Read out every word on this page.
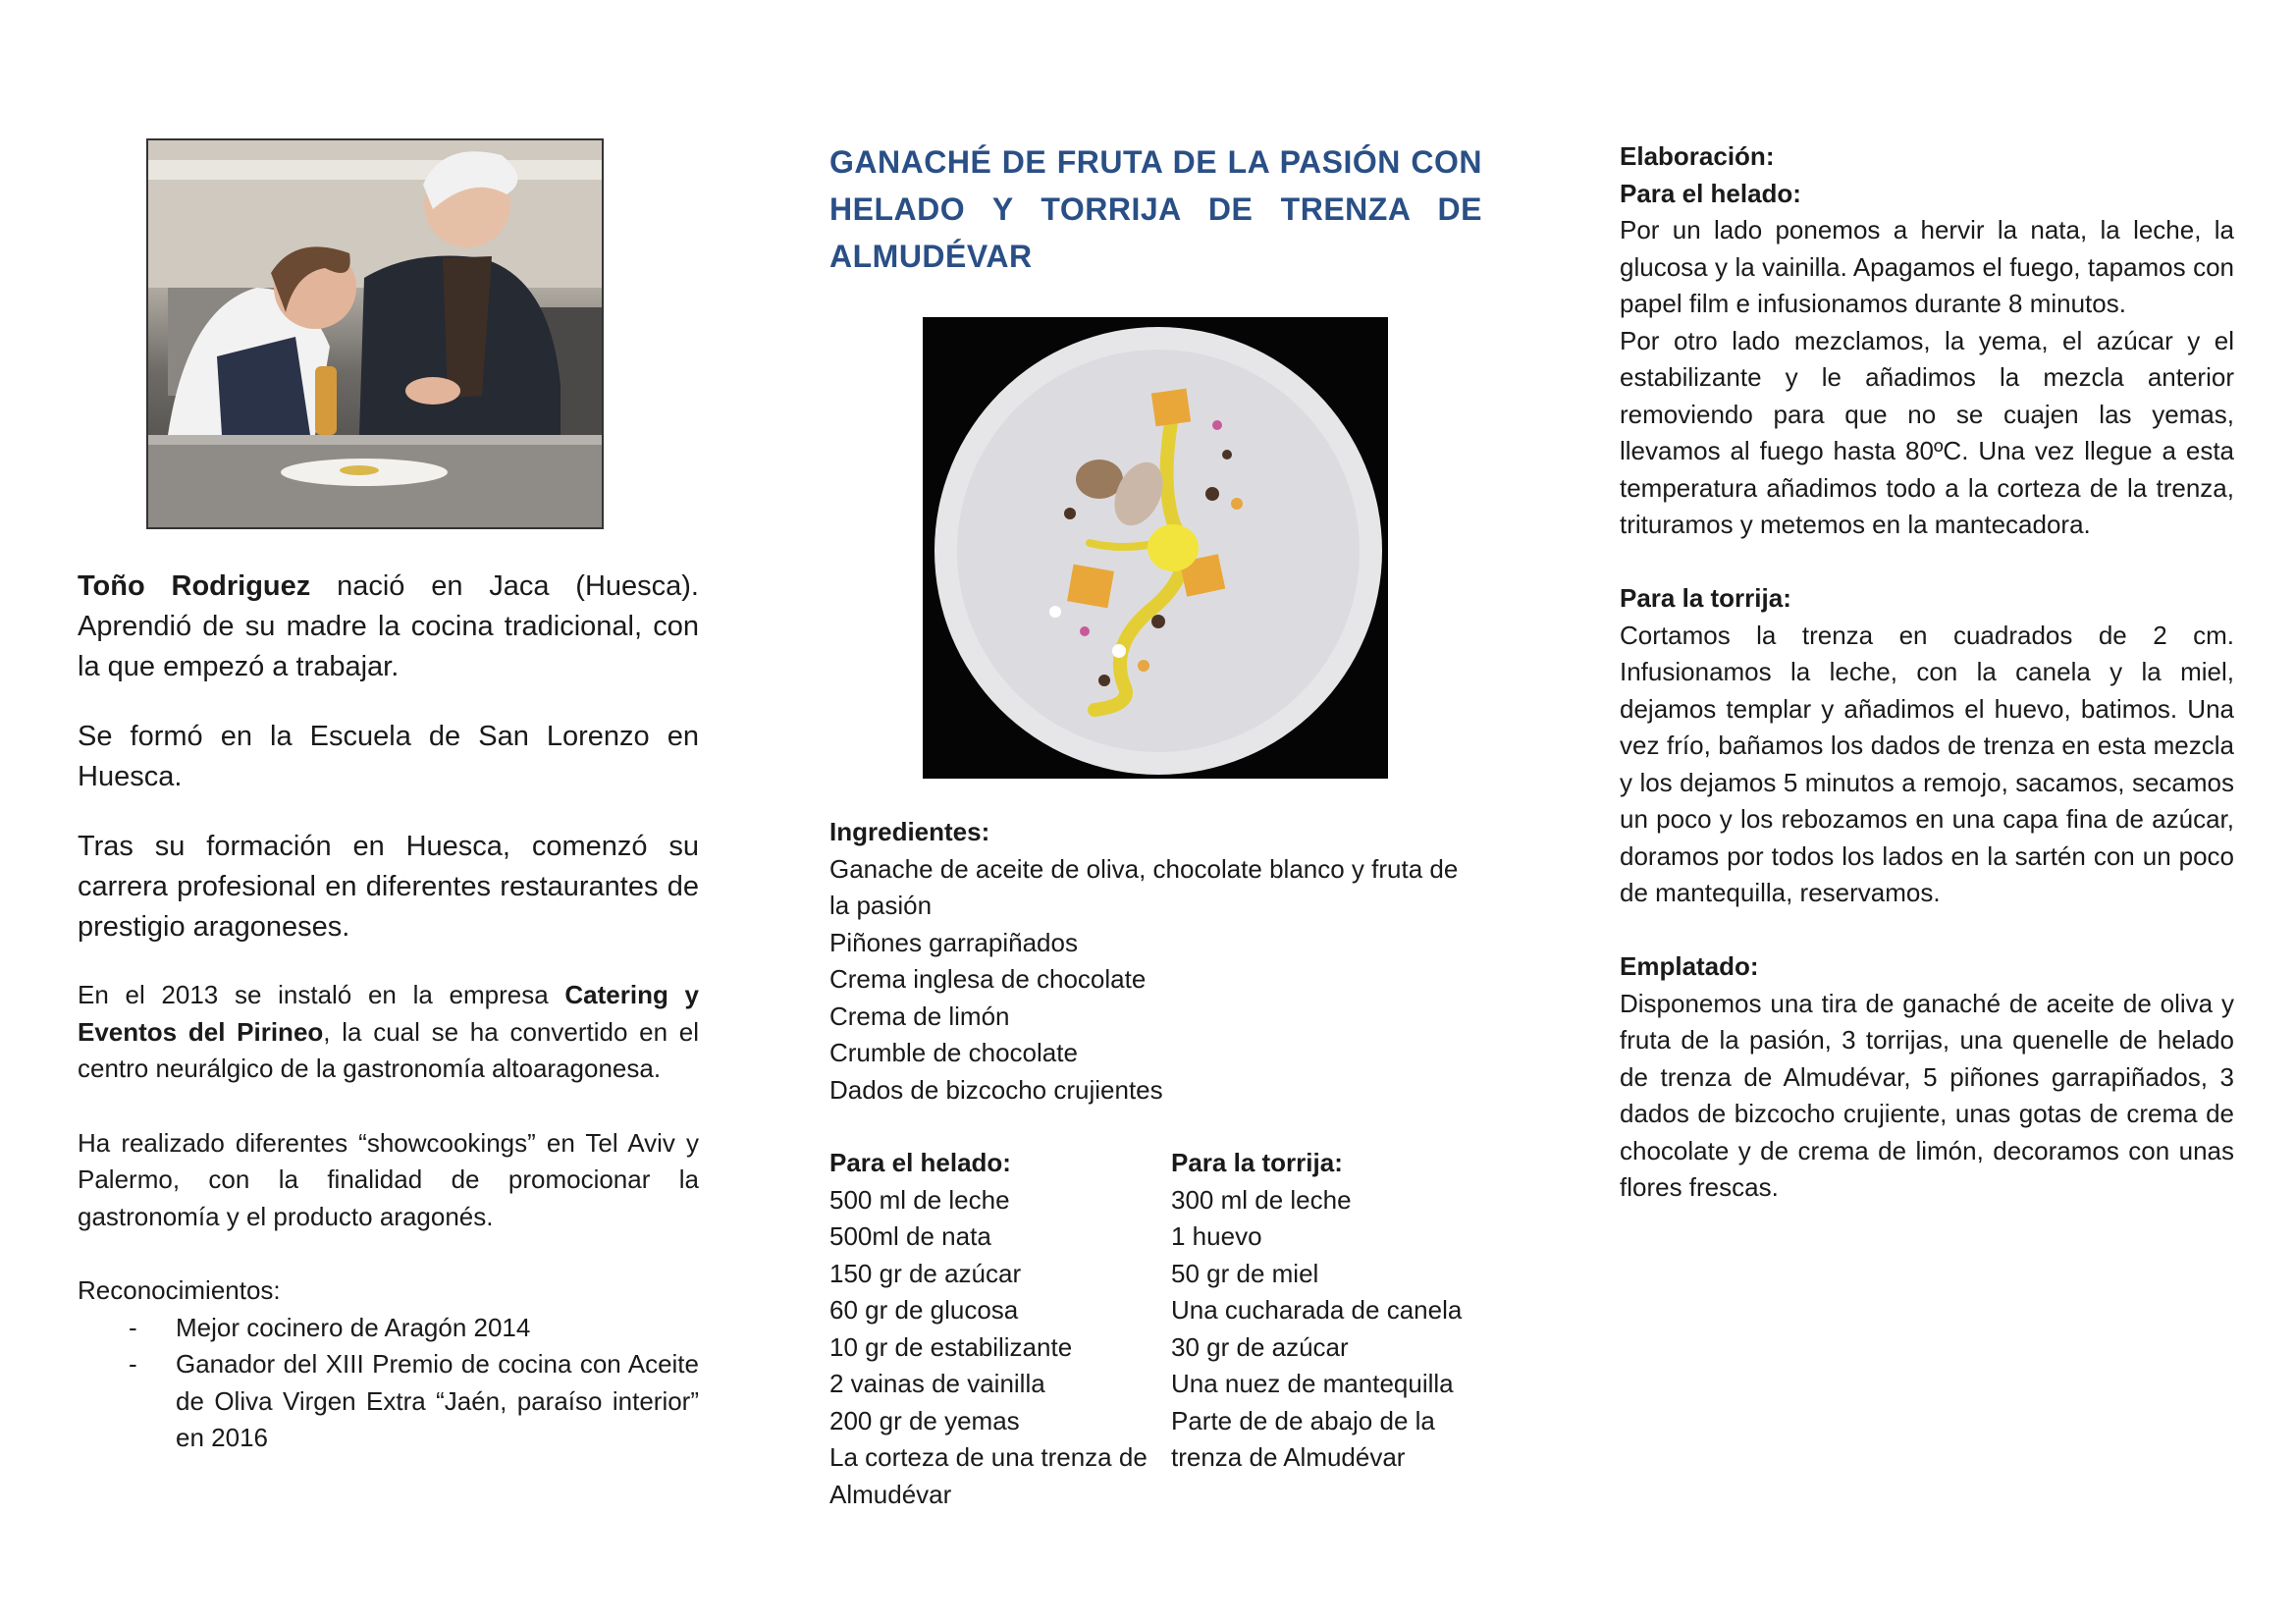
Toño Rodriguez nació en Jaca (Huesca). Aprendió de su madre la cocina tradicional, con la que empezó a trabajar.

Se formó en la Escuela de San Lorenzo en Huesca.

Tras su formación en Huesca, comenzó su carrera profesional en diferentes restaurantes de prestigio aragoneses.

En el 2013 se instaló en la empresa Catering y Eventos del Pirineo, la cual se ha convertido en el centro neurálgico de la gastronomía altoaragonesa.

Ha realizado diferentes “showcookings” en Tel Aviv y Palermo, con la finalidad de promocionar la gastronomía y el producto aragonés.

Reconocimientos:

- Mejor cocinero de Aragón 2014
- Ganador del XIII Premio de cocina con Aceite de Oliva Virgen Extra “Jaén, paraíso interior” en 2016
GANACHÉ DE FRUTA DE LA PASIÓN CON HELADO Y TORRIJA DE TRENZA DE ALMUDÉVAR
Ingredientes:
Ganache de aceite de oliva, chocolate blanco y fruta de la pasión
Piñones garrapiñados
Crema inglesa de chocolate
Crema de limón
Crumble de chocolate
Dados de bizcocho crujientes
Para el helado:
500 ml de leche
500ml de nata
150 gr de azúcar
60 gr de glucosa
10 gr de estabilizante
2 vainas de vainilla
200 gr de yemas
La corteza de una trenza de Almudévar
Para la torrija:
300 ml de leche
1 huevo
50 gr de miel
Una cucharada de canela
30 gr de azúcar
Una nuez de mantequilla
Parte de de abajo de la trenza de Almudévar

Elaboración:

Para el helado:

Por un lado ponemos a hervir la nata, la leche, la glucosa y la vainilla. Apagamos el fuego, tapamos con papel film e infusionamos durante 8 minutos.

Por otro lado mezclamos, la yema, el azúcar y el estabilizante y le añadimos la mezcla anterior removiendo para que no se cuajen las yemas, llevamos al fuego hasta 80ºC. Una vez llegue a esta temperatura añadimos todo a la corteza de la trenza, trituramos y metemos en la mantecadora.

Para la torrija:

Cortamos la trenza en cuadrados de 2 cm. Infusionamos la leche, con la canela y la miel, dejamos templar y añadimos el huevo, batimos. Una vez frío, bañamos los dados de trenza en esta mezcla y los dejamos 5 minutos a remojo, sacamos, secamos un poco y los rebozamos en una capa fina de azúcar, doramos por todos los lados en la sartén con un poco de mantequilla, reservamos.

Emplatado:

Disponemos una tira de ganaché de aceite de oliva y fruta de la pasión, 3 torrijas, una quenelle de helado de trenza de Almudévar, 5 piñones garrapiñados, 3 dados de bizcocho crujiente, unas gotas de crema de chocolate y de crema de limón, decoramos con unas flores frescas.
